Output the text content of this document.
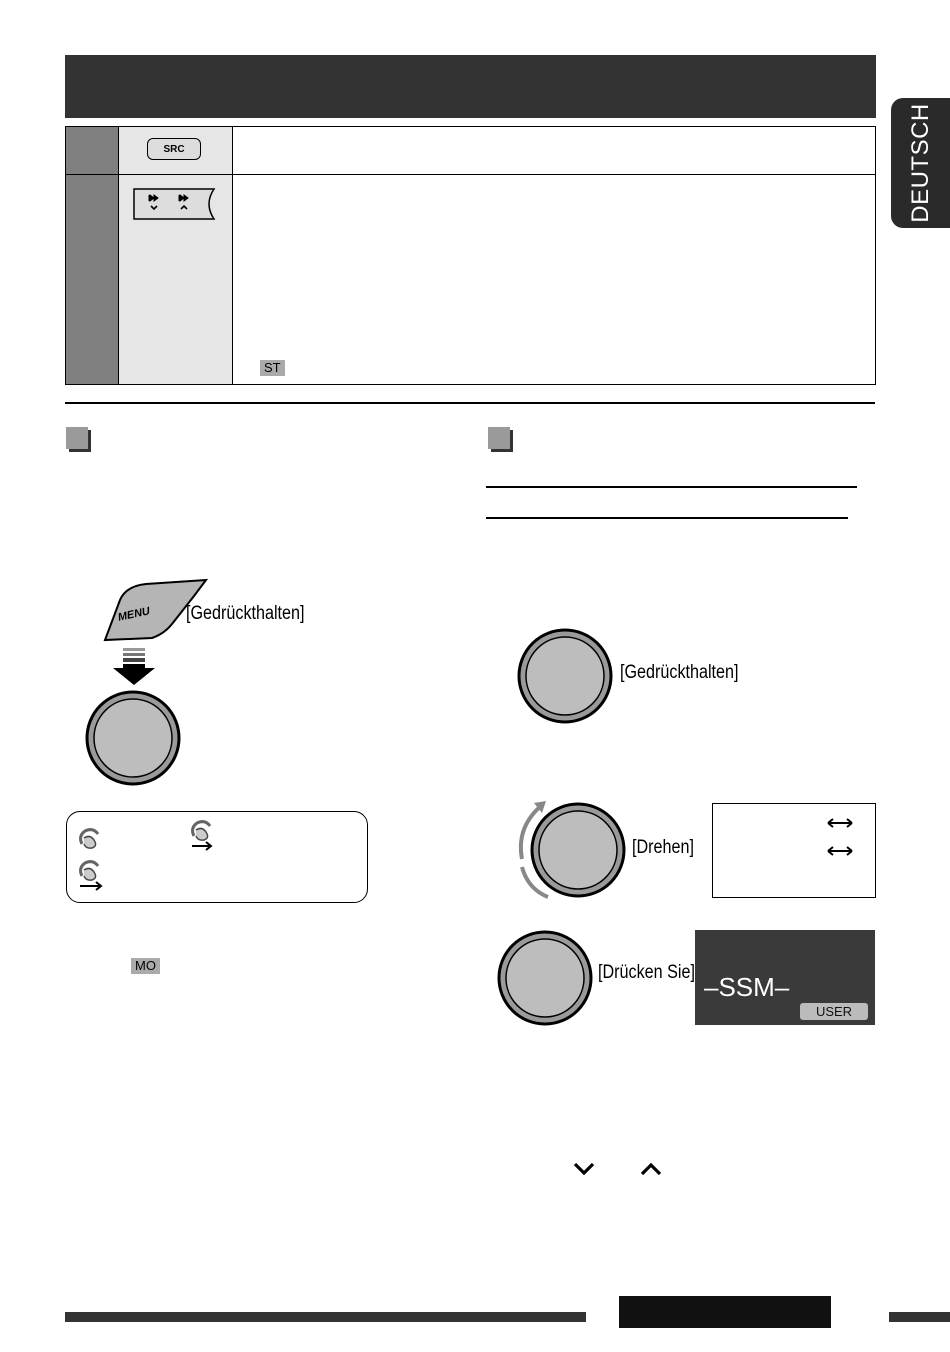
DEUTSCH
SRC
ST
MENU [Gedrückthalten]
MO
[Gedrückthalten]
[Drehen]
[Drücken Sie] –SSM–
USER
